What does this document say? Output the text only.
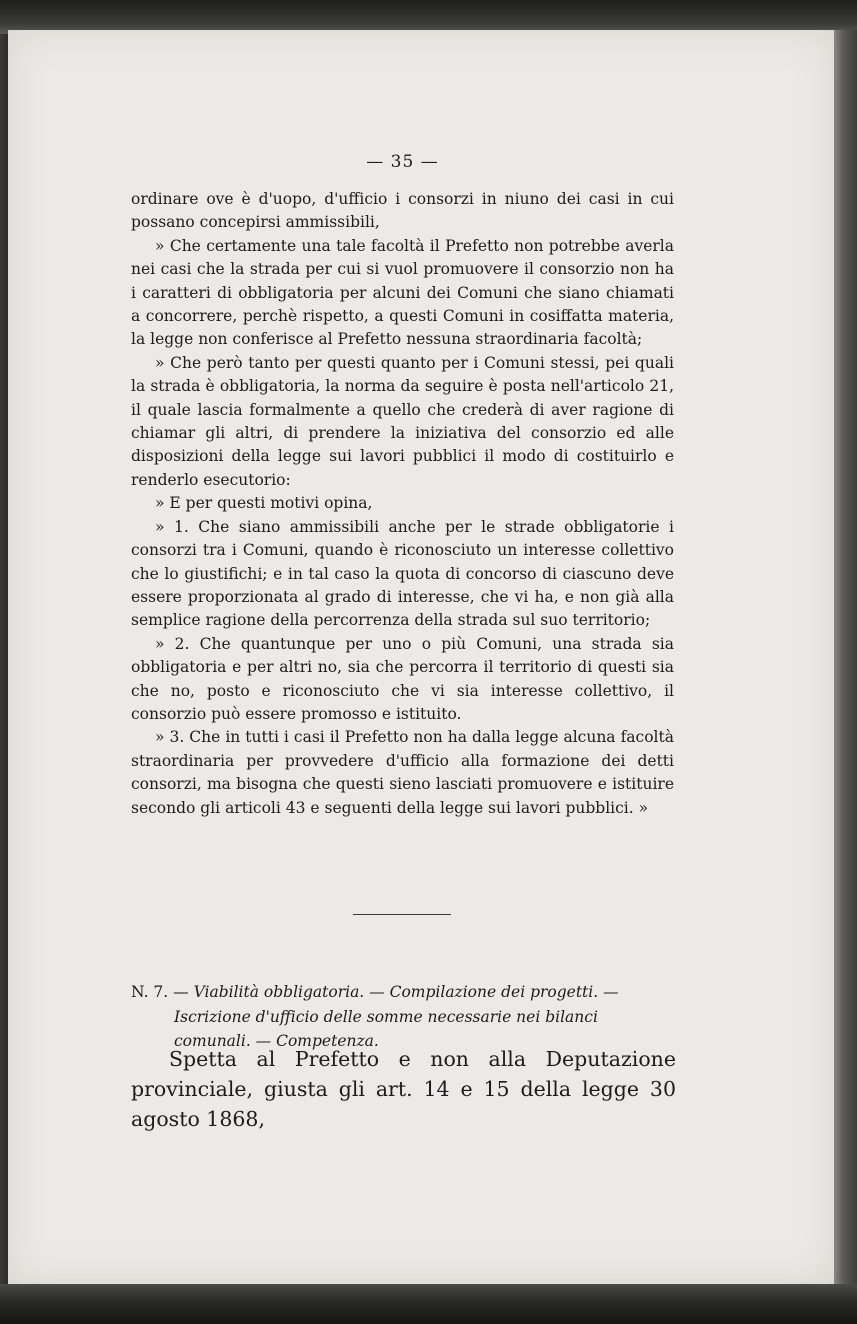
— 35 —

ordinare ove è d'uopo, d'ufficio i consorzi in niuno dei casi in cui possano concepirsi ammissibili,

» Che certamente una tale facoltà il Prefetto non potrebbe averla nei casi che la strada per cui si vuol promuovere il consorzio non ha i caratteri di obbligatoria per alcuni dei Comuni che siano chiamati a concorrere, perchè rispetto, a questi Comuni in cosiffatta materia, la legge non conferisce al Prefetto nessuna straordinaria facoltà;

» Che però tanto per questi quanto per i Comuni stessi, pei quali la strada è obbligatoria, la norma da seguire è posta nell'articolo 21, il quale lascia formalmente a quello che crederà di aver ragione di chiamar gli altri, di prendere la iniziativa del consorzio ed alle disposizioni della legge sui lavori pubblici il modo di costituirlo e renderlo esecutorio:

» E per questi motivi opina,

» 1. Che siano ammissibili anche per le strade obbligatorie i consorzi tra i Comuni, quando è riconosciuto un interesse collettivo che lo giustifichi; e in tal caso la quota di concorso di ciascuno deve essere proporzionata al grado di interesse, che vi ha, e non già alla semplice ragione della percorrenza della strada sul suo territorio;

» 2. Che quantunque per uno o più Comuni, una strada sia obbligatoria e per altri no, sia che percorra il territorio di questi sia che no, posto e riconosciuto che vi sia interesse collettivo, il consorzio può essere promosso e istituito.

» 3. Che in tutti i casi il Prefetto non ha dalla legge alcuna facoltà straordinaria per provvedere d'ufficio alla formazione dei detti consorzi, ma bisogna che questi sieno lasciati promuovere e istituire secondo gli articoli 43 e seguenti della legge sui lavori pubblici. »

N. 7. — Viabilità obbligatoria. — Compilazione dei progetti. — Iscrizione d'ufficio delle somme necessarie nei bilanci comunali. — Competenza.

Spetta al Prefetto e non alla Deputazione provinciale, giusta gli art. 14 e 15 della legge 30 agosto 1868,
